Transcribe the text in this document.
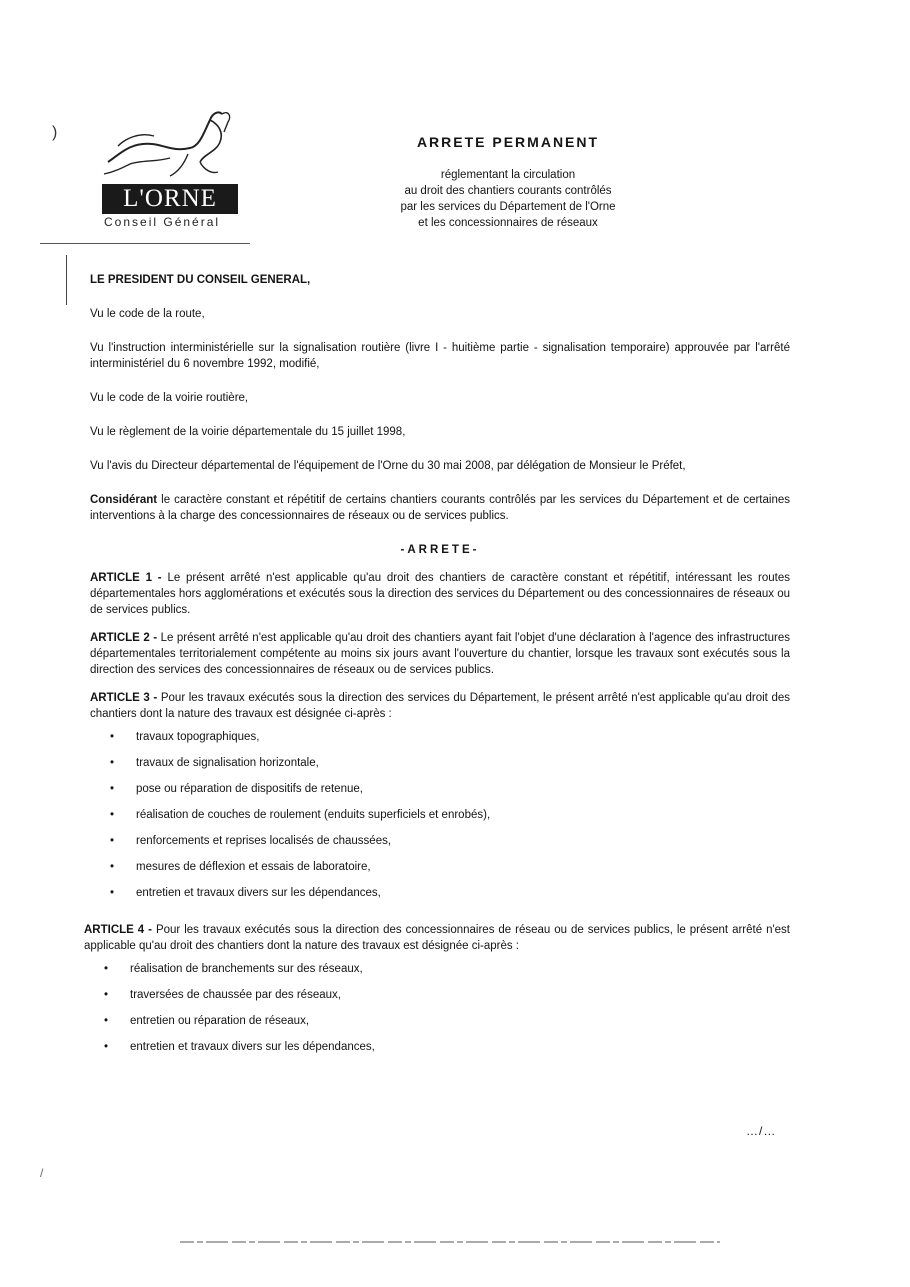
)
L'ORNE
Conseil Général
ARRETE PERMANENT
réglementant la circulation
au droit des chantiers courants contrôlés
par les services du Département de l'Orne
et les concessionnaires de réseaux
LE PRESIDENT DU CONSEIL GENERAL,

Vu le code de la route,

Vu l'instruction interministérielle sur la signalisation routière (livre I - huitième partie - signalisation temporaire) approuvée par l'arrêté interministériel du 6 novembre 1992, modifié,

Vu le code de la voirie routière,

Vu le règlement de la voirie départementale du 15 juillet 1998,

Vu l'avis du Directeur départemental de l'équipement de l'Orne du 30 mai 2008, par délégation de Monsieur le Préfet,

Considérant le caractère constant et répétitif de certains chantiers courants contrôlés par les services du Département et de certaines interventions à la charge des concessionnaires de réseaux ou de services publics.

-ARRETE-

ARTICLE 1 - Le présent arrêté n'est applicable qu'au droit des chantiers de caractère constant et répétitif, intéressant les routes départementales hors agglomérations et exécutés sous la direction des services du Département ou des concessionnaires de réseaux ou de services publics.

ARTICLE 2 - Le présent arrêté n'est applicable qu'au droit des chantiers ayant fait l'objet d'une déclaration à l'agence des infrastructures départementales territorialement compétente au moins six jours avant l'ouverture du chantier, lorsque les travaux sont exécutés sous la direction des services des concessionnaires de réseaux ou de services publics.

ARTICLE 3 - Pour les travaux exécutés sous la direction des services du Département, le présent arrêté n'est applicable qu'au droit des chantiers dont la nature des travaux est désignée ci-après :
• travaux topographiques,
• travaux de signalisation horizontale,
• pose ou réparation de dispositifs de retenue,
• réalisation de couches de roulement (enduits superficiels et enrobés),
• renforcements et reprises localisés de chaussées,
• mesures de déflexion et essais de laboratoire,
• entretien et travaux divers sur les dépendances,
ARTICLE 4 - Pour les travaux exécutés sous la direction des concessionnaires de réseau ou de services publics, le présent arrêté n'est applicable qu'au droit des chantiers dont la nature des travaux est désignée ci-après :
• réalisation de branchements sur des réseaux,
• traversées de chaussée par des réseaux,
• entretien ou réparation de réseaux,
• entretien et travaux divers sur les dépendances,
…/…
/
